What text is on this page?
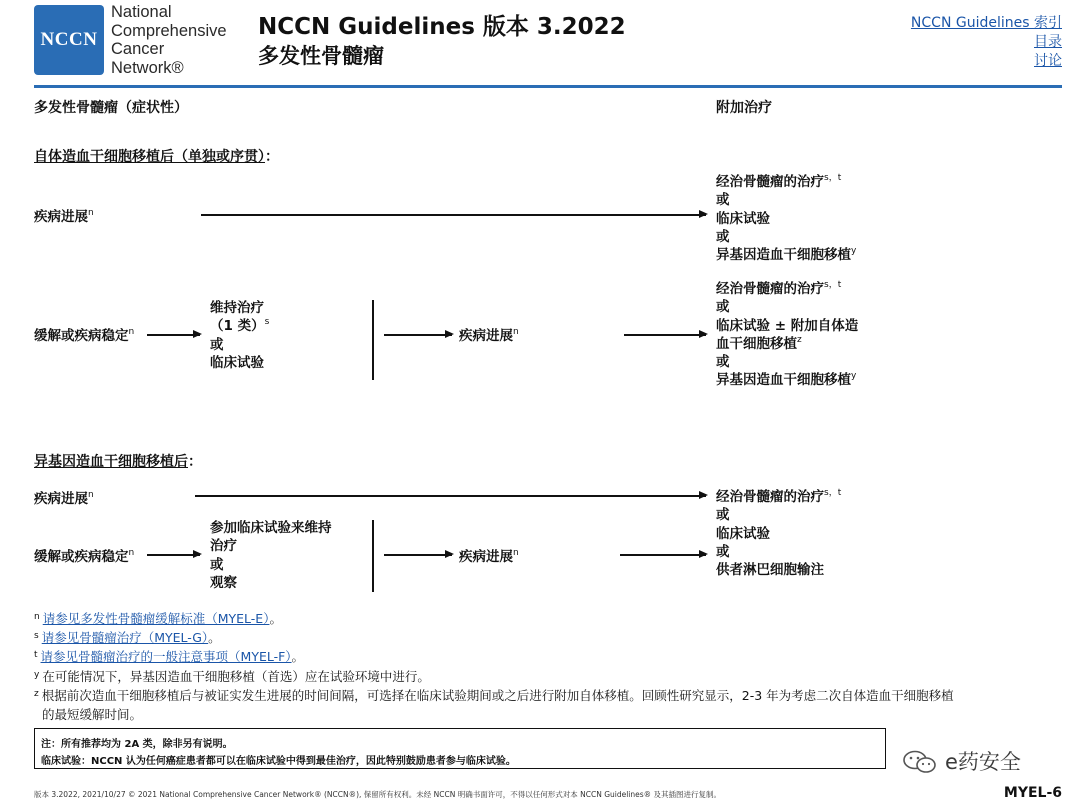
NCCN
National
Comprehensive
Cancer
Network®
NCCN Guidelines 版本 3.2022
多发性骨髓瘤
NCCN Guidelines 索引
目录
讨论
多发性骨髓瘤（症状性）	附加治疗
自体造血干细胞移植后（单独或序贯）：
疾病进展$^n$
经治骨髓瘤的治疗$^{s,t}$
或
临床试验
或
异基因造血干细胞移植$^y$
缓解或疾病稳定$^n$
维持治疗
（1 类）$^s$
或
临床试验
疾病进展$^n$
经治骨髓瘤的治疗$^{s,t}$
或
临床试验 ± 附加自体造
血干细胞移植$^z$
或
异基因造血干细胞移植$^y$
异基因造血干细胞移植后：
疾病进展$^n$	经治骨髓瘤的治疗$^{s,t}$
或
临床试验
或
供者淋巴细胞输注
缓解或疾病稳定$^n$
参加临床试验来维持
治疗
或
观察
疾病进展$^n$
$^n$ 请参见多发性骨髓瘤缓解标准（MYEL-E）。
$^s$ 请参见骨髓瘤治疗（MYEL-G）。
$^t$ 请参见骨髓瘤治疗的一般注意事项（MYEL-F）。
$^y$ 在可能情况下，异基因造血干细胞移植（首选）应在试验环境中进行。
$^z$ 根据前次造血干细胞移植后与被证实发生进展的时间间隔，可选择在临床试验期间或之后进行附加自体移植。回顾性研究显示，2-3 年为考虑二次自体造血干细胞移植
的最短缓解时间。
注：所有推荐均为 2A 类，除非另有说明。
临床试验：NCCN 认为任何癌症患者都可以在临床试验中得到最佳治疗，因此特别鼓励患者参与临床试验。	e药安全
版本 3.2022, 2021/10/27 © 2021 National Comprehensive Cancer Network® (NCCN®), 保留所有权利。未经 NCCN 明确书面许可，不得以任何形式对本 NCCN Guidelines® 及其插图进行复制。	MYEL-6
